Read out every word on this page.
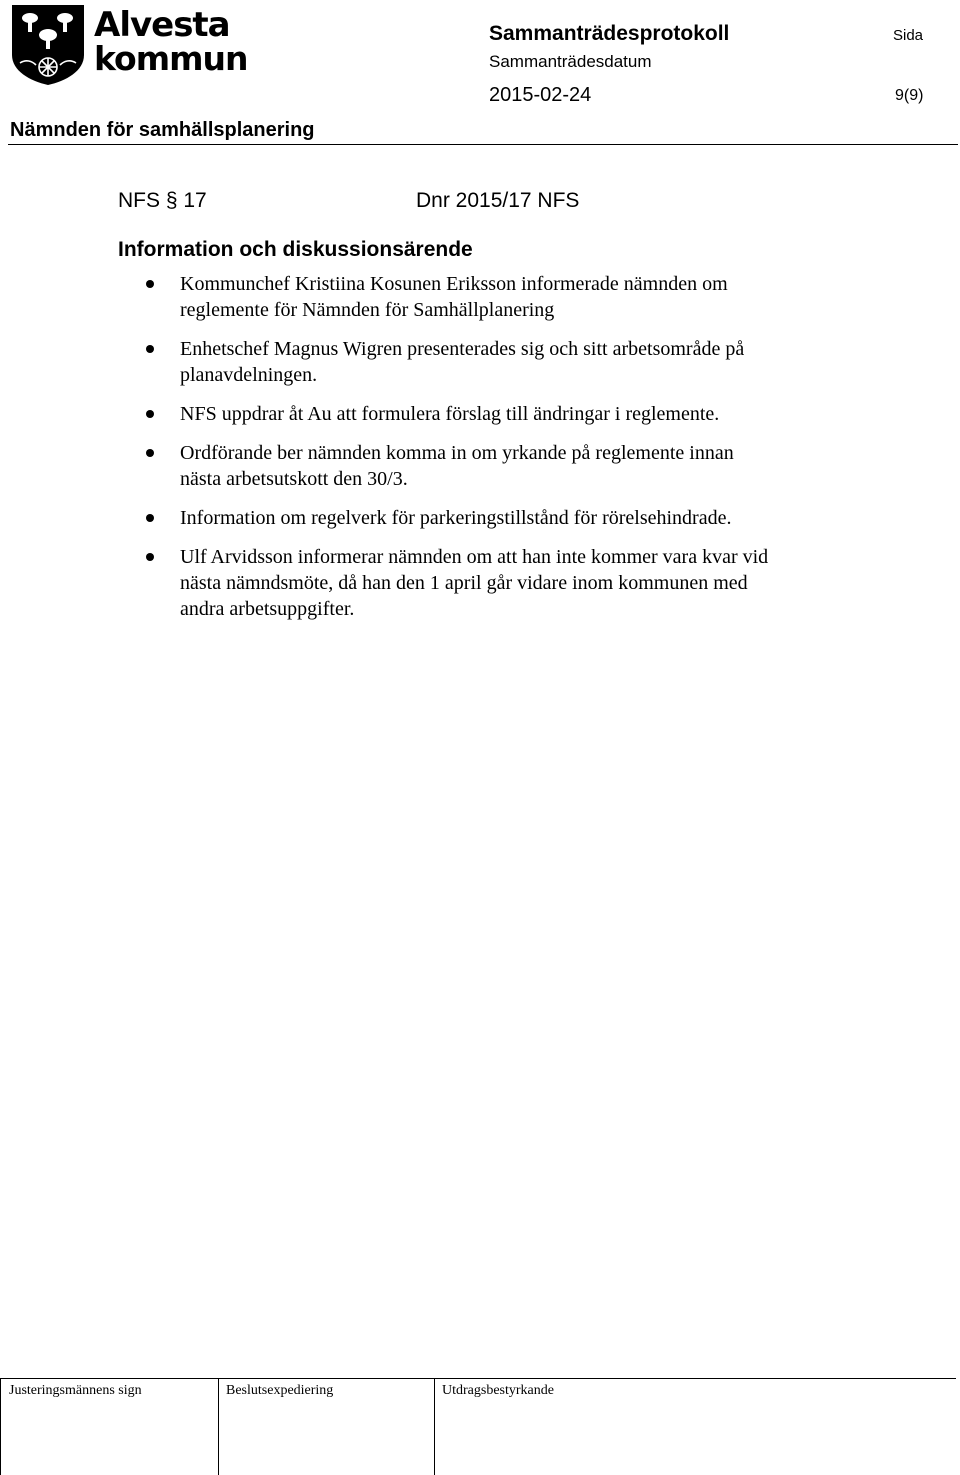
Alvesta
kommun
Sammanträdesprotokoll	Sida
Sammanträdesdatum
2015-02-24	9(9)
Nämnden för samhällsplanering
NFS § 17	Dnr 2015/17 NFS
Information och diskussionsärende
Kommunchef Kristiina Kosunen Eriksson informerade nämnden om reglemente för Nämnden för Samhällplanering
Enhetschef Magnus Wigren presenterades sig och sitt arbetsområde på planavdelningen.
NFS uppdrar åt Au att formulera förslag till ändringar i reglemente.
Ordförande ber nämnden komma in om yrkande på reglemente innan nästa arbetsutskott den 30/3.
Information om regelverk för parkeringstillstånd för rörelsehindrade.
Ulf Arvidsson informerar nämnden om att han inte kommer vara kvar vid nästa nämndsmöte, då han den 1 april går vidare inom kommunen med andra arbetsuppgifter.
Justeringsmännens sign	Beslutsexpediering	Utdragsbestyrkande
